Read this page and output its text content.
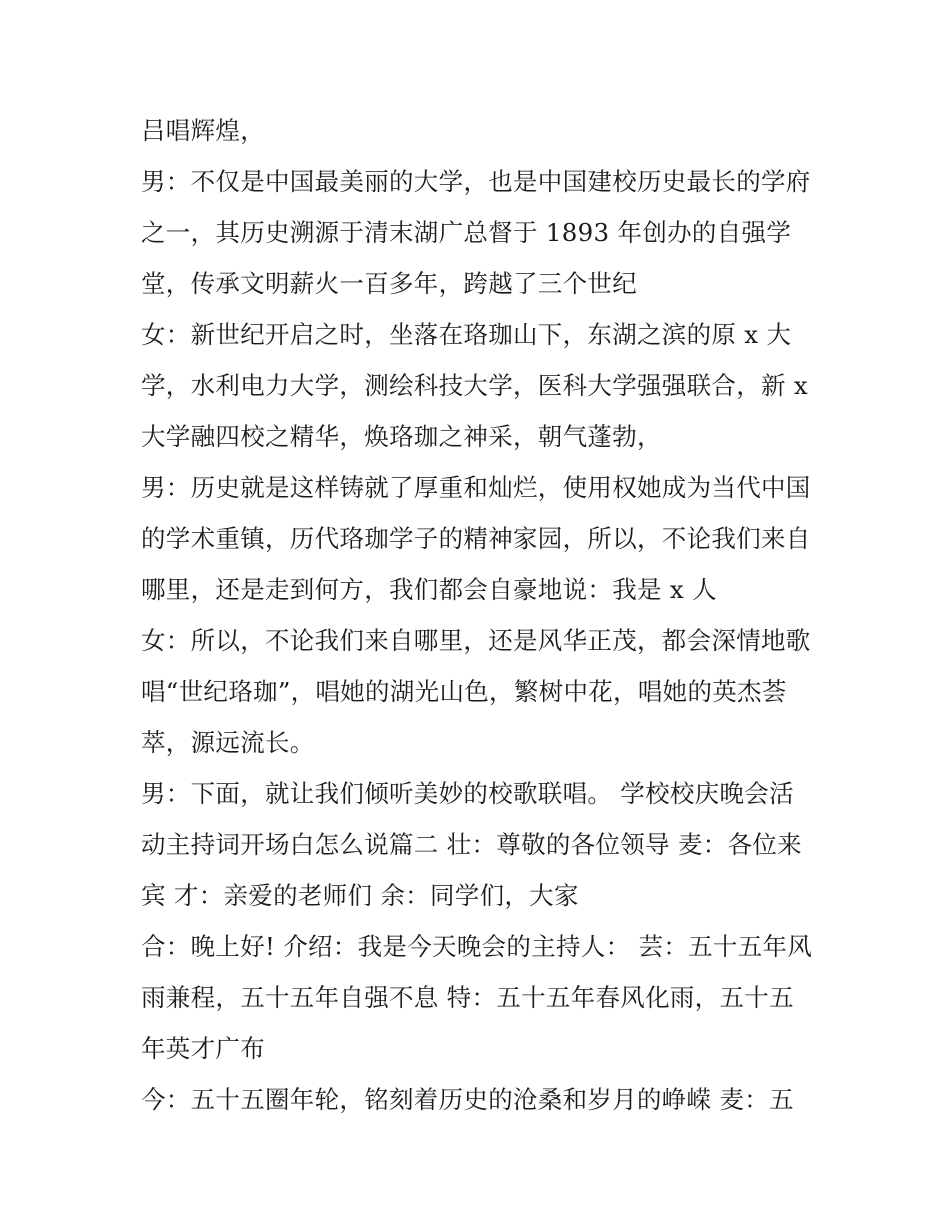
吕唱辉煌，
男：不仅是中国最美丽的大学，也是中国建校历史最长的学府
之一，其历史溯源于清末湖广总督于 1893 年创办的自强学
堂，传承文明薪火一百多年，跨越了三个世纪
女：新世纪开启之时，坐落在珞珈山下，东湖之滨的原 x 大
学，水利电力大学，测绘科技大学，医科大学强强联合，新 x
大学融四校之精华，焕珞珈之神采，朝气蓬勃，
男：历史就是这样铸就了厚重和灿烂，使用权她成为当代中国
的学术重镇，历代珞珈学子的精神家园，所以，不论我们来自
哪里，还是走到何方，我们都会自豪地说：我是 x 人
女：所以，不论我们来自哪里，还是风华正茂，都会深情地歌
唱“世纪珞珈”，唱她的湖光山色，繁树中花，唱她的英杰荟
萃，源远流长。
男：下面，就让我们倾听美妙的校歌联唱。 学校校庆晚会活
动主持词开场白怎么说篇二 壮：尊敬的各位领导 麦：各位来
宾 才：亲爱的老师们 余：同学们，大家
合：晚上好! 介绍：我是今天晚会的主持人： 芸：五十五年风
雨兼程，五十五年自强不息 特：五十五年春风化雨，五十五
年英才广布
今：五十五圈年轮，铭刻着历史的沧桑和岁月的峥嵘 麦：五
